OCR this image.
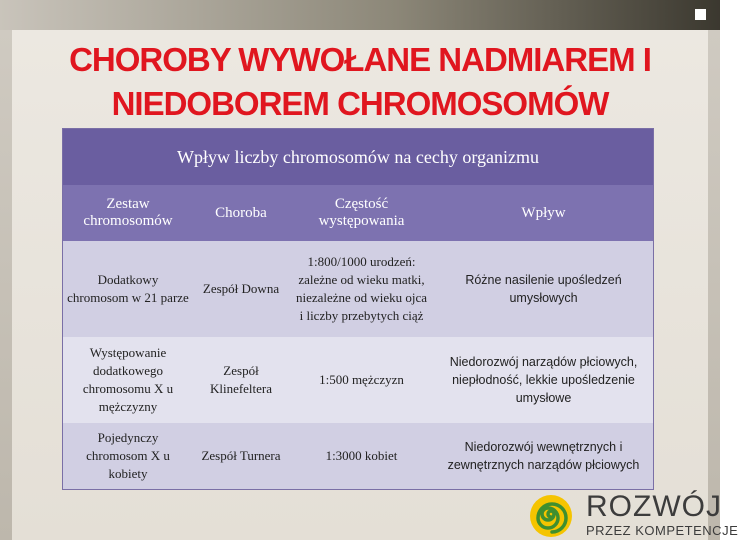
CHOROBY WYWOŁANE NADMIAREM I
NIEDOBOREM CHROMOSOMÓW
Wpływ liczby chromosomów na cechy organizmu
Zestaw chromosomów
Choroba
Częstość występowania
Wpływ
Dodatkowy chromosom w 21 parze
Zespół Downa
1:800/1000 urodzeń: zależne od wieku matki, niezależne od wieku ojca i liczby przebytych ciąż
Różne nasilenie upośledzeń umysłowych
Występowanie dodatkowego chromosomu X u mężczyzny
Zespół Klinefeltera
1:500 mężczyzn
Niedorozwój narządów płciowych, niepłodność, lekkie upośledzenie umysłowe
Pojedynczy chromosom X u kobiety
Zespół Turnera	1:3000 kobiet
Niedorozwój wewnętrznych i zewnętrznych narządów płciowych
ROZWÓJ
PRZEZ KOMPETENCJE
